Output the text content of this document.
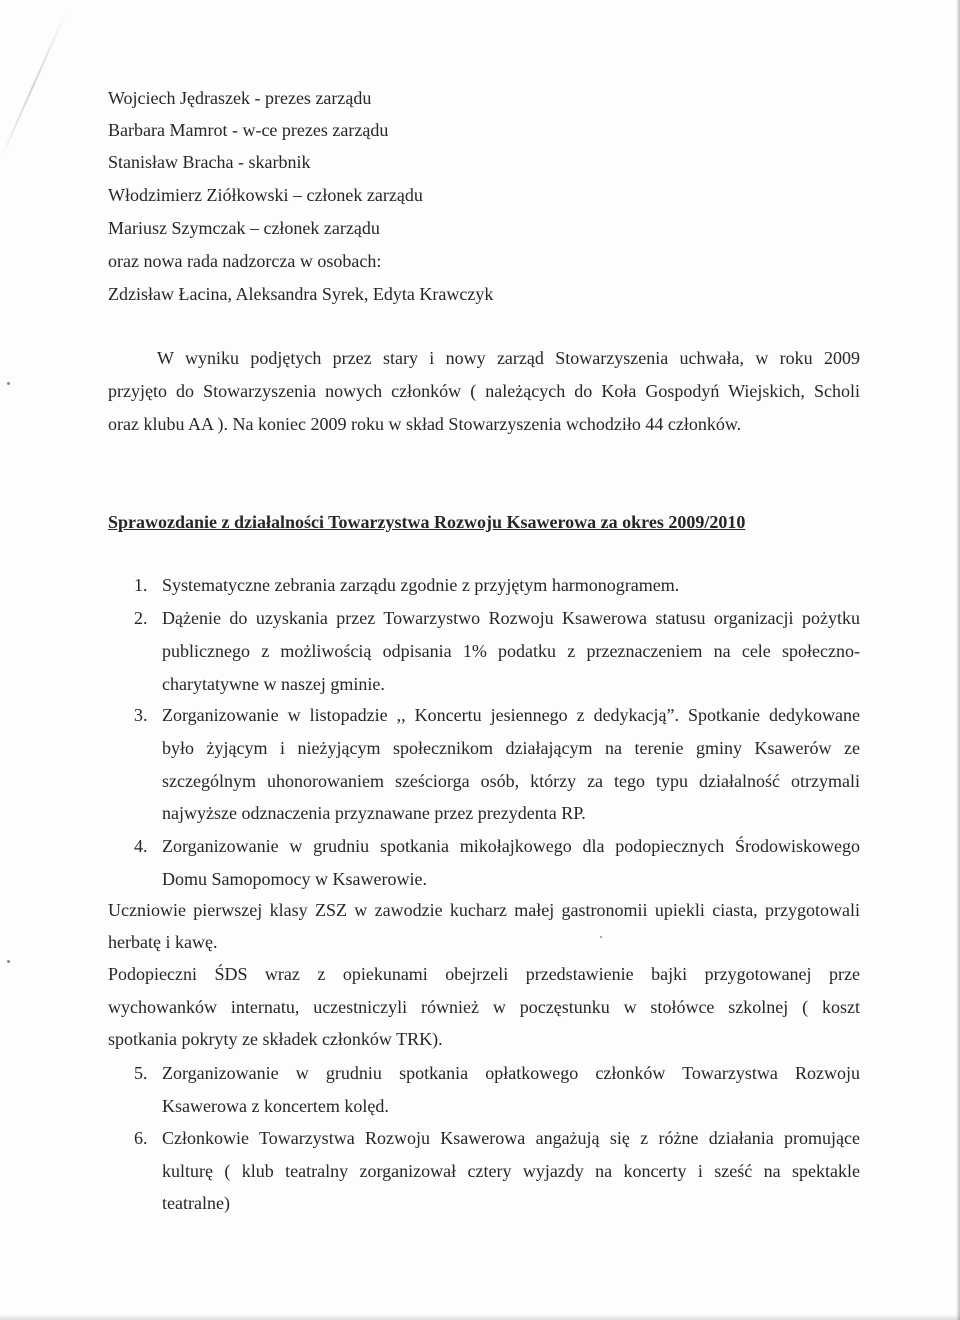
Wojciech Jędraszek - prezes zarządu
Barbara Mamrot - w-ce prezes zarządu
Stanisław Bracha - skarbnik
Włodzimierz Ziółkowski – członek zarządu
Mariusz Szymczak – członek zarządu
oraz nowa rada nadzorcza w osobach:
Zdzisław Łacina, Aleksandra Syrek, Edyta Krawczyk
W wyniku podjętych przez stary i nowy zarząd Stowarzyszenia uchwała, w roku 2009
przyjęto do Stowarzyszenia nowych członków ( należących do Koła Gospodyń Wiejskich, Scholi
oraz klubu AA ). Na koniec 2009 roku w skład Stowarzyszenia wchodziło 44 członków.
Sprawozdanie z działalności Towarzystwa Rozwoju Ksawerowa za okres 2009/2010
1. Systematyczne zebrania zarządu zgodnie z przyjętym harmonogramem.
2. Dążenie do uzyskania przez Towarzystwo Rozwoju Ksawerowa statusu organizacji pożytku
publicznego z możliwością odpisania 1% podatku z przeznaczeniem na cele społeczno-
charytatywne w naszej gminie.
3. Zorganizowanie w listopadzie ,, Koncertu jesiennego z dedykacją”. Spotkanie dedykowane
było żyjącym i nieżyjącym społecznikom działającym na terenie gminy Ksawerów ze
szczególnym uhonorowaniem sześciorga osób, którzy za tego typu działalność otrzymali
najwyższe odznaczenia przyznawane przez prezydenta RP.
4. Zorganizowanie w grudniu spotkania mikołajkowego dla podopiecznych Środowiskowego
Domu Samopomocy w Ksawerowie.
Uczniowie pierwszej klasy ZSZ w zawodzie kucharz małej gastronomii upiekli ciasta, przygotowali
herbatę i kawę.
Podopieczni ŚDS wraz z opiekunami obejrzeli przedstawienie bajki przygotowanej prze
wychowanków internatu, uczestniczyli również w poczęstunku w stołówce szkolnej ( koszt
spotkania pokryty ze składek członków TRK).
5. Zorganizowanie w grudniu spotkania opłatkowego członków Towarzystwa Rozwoju
Ksawerowa z koncertem kolęd.
6. Członkowie Towarzystwa Rozwoju Ksawerowa angażują się z różne działania promujące
kulturę ( klub teatralny zorganizował cztery wyjazdy na koncerty i sześć na spektakle
teatralne)
